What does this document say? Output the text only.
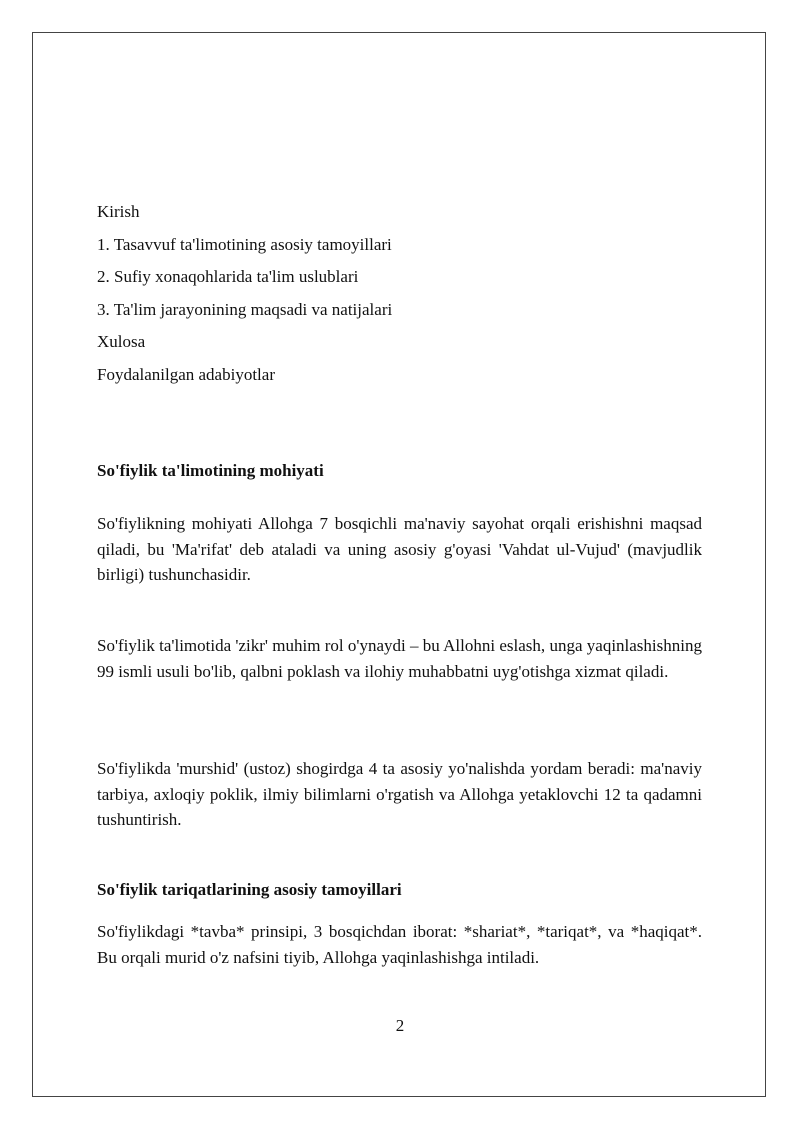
Kirish
1. Tasavvuf ta'limotining asosiy tamoyillari
2. Sufiy xonaqohlarida ta'lim uslublari
3. Ta'lim jarayonining maqsadi va natijalari
Xulosa
Foydalanilgan adabiyotlar
So'fiylik ta'limotining mohiyati
So'fiylikning mohiyati Allohga 7 bosqichli ma'naviy sayohat orqali erishishni maqsad qiladi, bu 'Ma'rifat' deb ataladi va uning asosiy g'oyasi 'Vahdat ul-Vujud' (mavjudlik birligi) tushunchasidir.
So'fiylik ta'limotida 'zikr' muhim rol o'ynaydi – bu Allohni eslash, unga yaqinlashishning 99 ismli usuli bo'lib, qalbni poklash va ilohiy muhabbatni uyg'otishga xizmat qiladi.
So'fiylikda 'murshid' (ustoz) shogirdga 4 ta asosiy yo'nalishda yordam beradi: ma'naviy tarbiya, axloqiy poklik, ilmiy bilimlarni o'rgatish va Allohga yetaklovchi 12 ta qadamni tushuntirish.
So'fiylik tariqatlarining asosiy tamoyillari
So'fiylikdagi *tavba* prinsipi, 3 bosqichdan iborat: *shariat*, *tariqat*, va *haqiqat*. Bu orqali murid o'z nafsini tiyib, Allohga yaqinlashishga intiladi.
2
